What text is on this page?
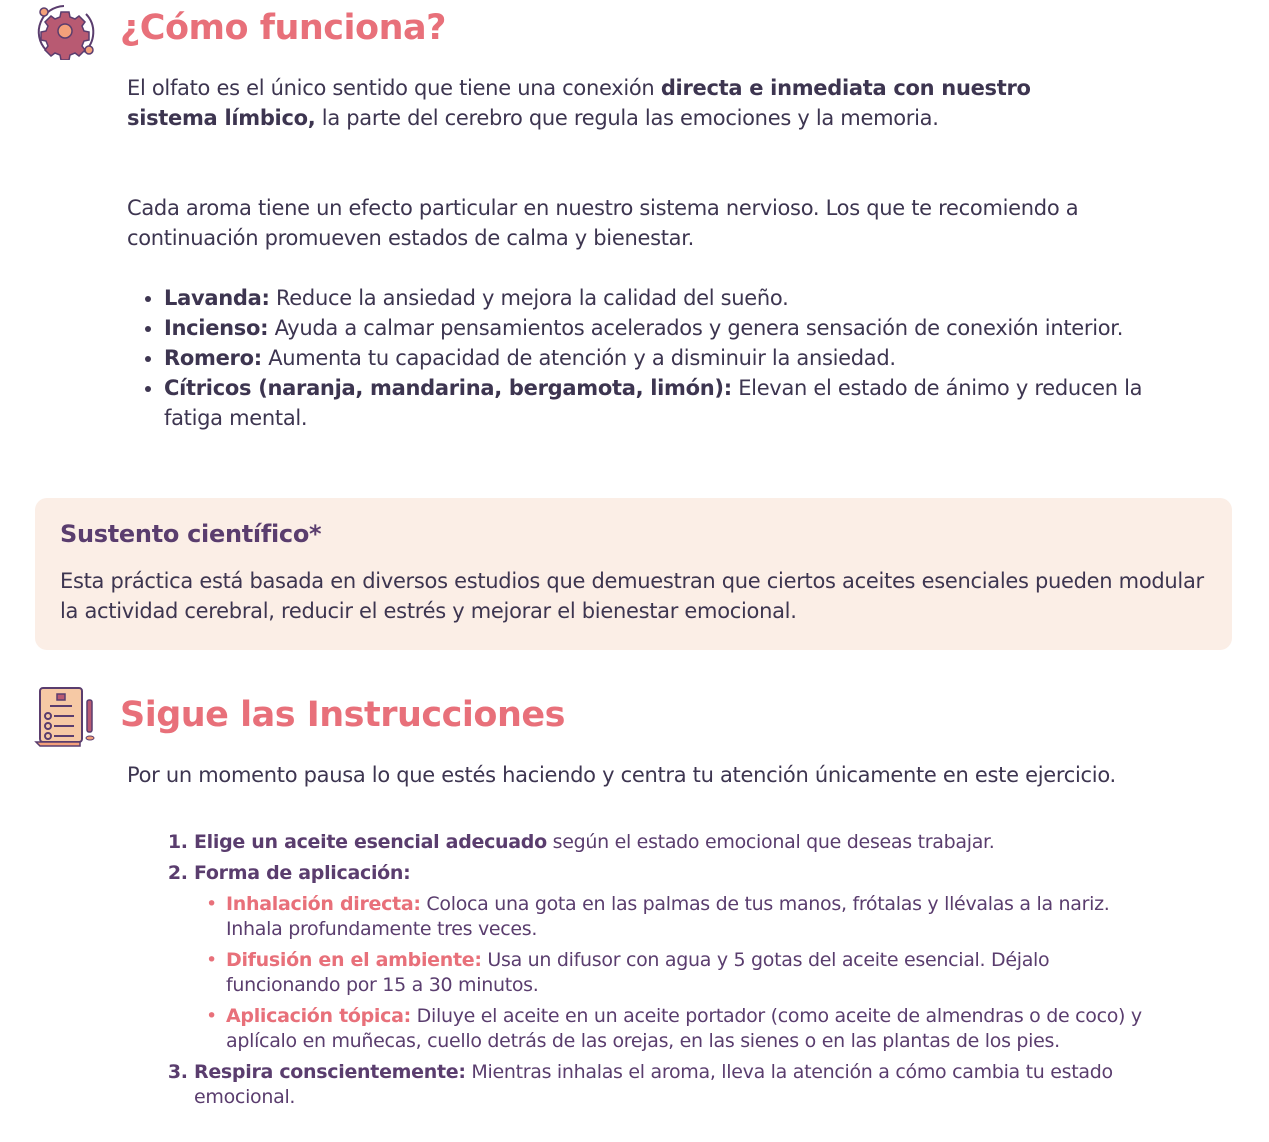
¿Cómo funciona?

El olfato es el único sentido que tiene una conexión directa e inmediata con nuestro sistema límbico, la parte del cerebro que regula las emociones y la memoria.

Cada aroma tiene un efecto particular en nuestro sistema nervioso. Los que te recomiendo a continuación promueven estados de calma y bienestar.

• Lavanda: Reduce la ansiedad y mejora la calidad del sueño.
• Incienso: Ayuda a calmar pensamientos acelerados y genera sensación de conexión interior.
• Romero: Aumenta tu capacidad de atención y a disminuir la ansiedad.
• Cítricos (naranja, mandarina, bergamota, limón): Elevan el estado de ánimo y reducen la fatiga mental.
Sustento científico*

Esta práctica está basada en diversos estudios que demuestran que ciertos aceites esenciales pueden modular la actividad cerebral, reducir el estrés y mejorar el bienestar emocional.

Sigue las Instrucciones

Por un momento pausa lo que estés haciendo y centra tu atención únicamente en este ejercicio.

1. Elige un aceite esencial adecuado según el estado emocional que deseas trabajar.
2. Forma de aplicación:
• Inhalación directa: Coloca una gota en las palmas de tus manos, frótalas y llévalas a la nariz. Inhala profundamente tres veces.
• Difusión en el ambiente: Usa un difusor con agua y 5 gotas del aceite esencial. Déjalo funcionando por 15 a 30 minutos.
• Aplicación tópica: Diluye el aceite en un aceite portador (como aceite de almendras o de coco) y aplícalo en muñecas, cuello detrás de las orejas, en las sienes o en las plantas de los pies.
3. Respira conscientemente: Mientras inhalas el aroma, lleva la atención a cómo cambia tu estado emocional.
